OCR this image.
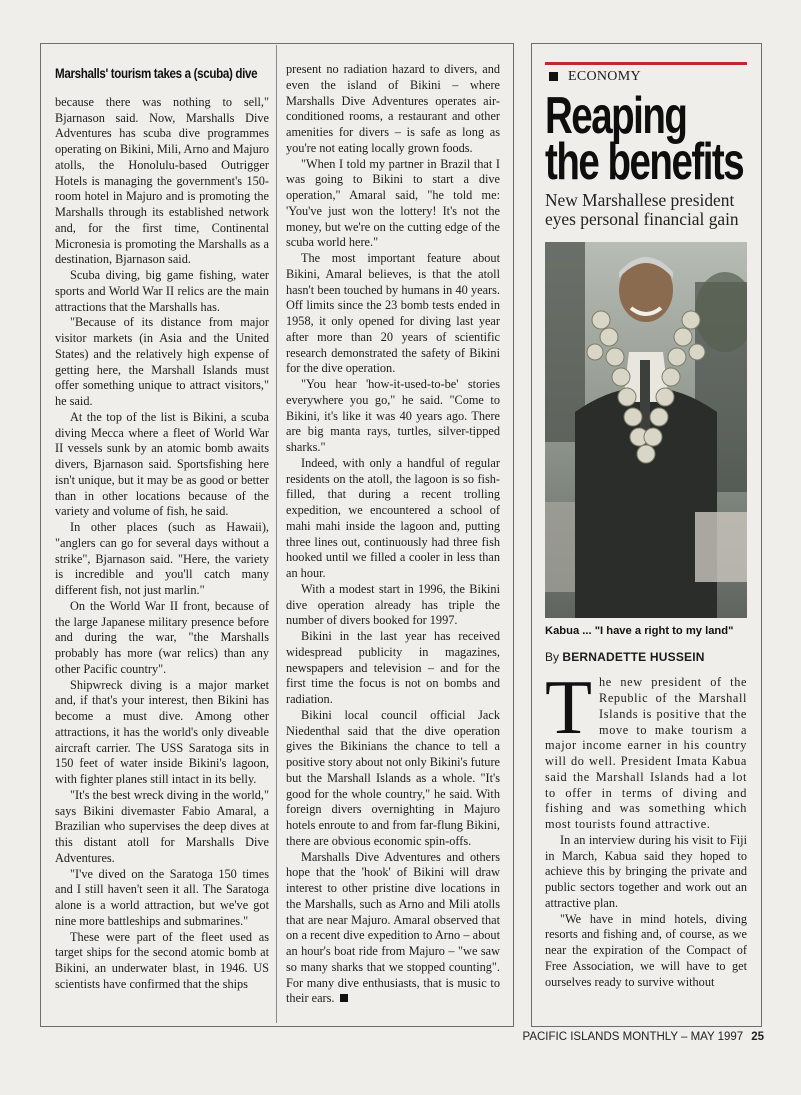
Marshalls' tourism takes a (scuba) dive

because there was nothing to sell," Bjarnason said. Now, Marshalls Dive Adventures has scuba dive programmes operating on Bikini, Mili, Arno and Majuro atolls, the Honolulu-based Outrigger Hotels is managing the government's 150-room hotel in Majuro and is promoting the Marshalls through its established network and, for the first time, Continental Micronesia is promoting the Marshalls as a destination, Bjarnason said.

Scuba diving, big game fishing, water sports and World War II relics are the main attractions that the Marshalls has.

"Because of its distance from major visitor markets (in Asia and the United States) and the relatively high expense of getting here, the Marshall Islands must offer something unique to attract visitors," he said.

At the top of the list is Bikini, a scuba diving Mecca where a fleet of World War II vessels sunk by an atomic bomb awaits divers, Bjarnason said. Sportsfishing here isn't unique, but it may be as good or better than in other locations because of the variety and volume of fish, he said.

In other places (such as Hawaii), "anglers can go for several days without a strike", Bjarnason said. "Here, the variety is incredible and you'll catch many different fish, not just marlin."

On the World War II front, because of the large Japanese military presence before and during the war, "the Marshalls probably has more (war relics) than any other Pacific country".

Shipwreck diving is a major market and, if that's your interest, then Bikini has become a must dive. Among other attractions, it has the world's only diveable aircraft carrier. The USS Saratoga sits in 150 feet of water inside Bikini's lagoon, with fighter planes still intact in its belly.

"It's the best wreck diving in the world," says Bikini divemaster Fabio Amaral, a Brazilian who supervises the deep dives at this distant atoll for Marshalls Dive Adventures.

"I've dived on the Saratoga 150 times and I still haven't seen it all. The Saratoga alone is a world attraction, but we've got nine more battleships and submarines."

These were part of the fleet used as target ships for the second atomic bomb at Bikini, an underwater blast, in 1946. US scientists have confirmed that the ships

present no radiation hazard to divers, and even the island of Bikini – where Marshalls Dive Adventures operates air-conditioned rooms, a restaurant and other amenities for divers – is safe as long as you're not eating locally grown foods.

"When I told my partner in Brazil that I was going to Bikini to start a dive operation," Amaral said, "he told me: 'You've just won the lottery! It's not the money, but we're on the cutting edge of the scuba world here."

The most important feature about Bikini, Amaral believes, is that the atoll hasn't been touched by humans in 40 years. Off limits since the 23 bomb tests ended in 1958, it only opened for diving last year after more than 20 years of scientific research demonstrated the safety of Bikini for the dive operation.

"You hear 'how-it-used-to-be' stories everywhere you go," he said. "Come to Bikini, it's like it was 40 years ago. There are big manta rays, turtles, silver-tipped sharks."

Indeed, with only a handful of regular residents on the atoll, the lagoon is so fish-filled, that during a recent trolling expedition, we encountered a school of mahi mahi inside the lagoon and, putting three lines out, continuously had three fish hooked until we filled a cooler in less than an hour.

With a modest start in 1996, the Bikini dive operation already has triple the number of divers booked for 1997.

Bikini in the last year has received widespread publicity in magazines, newspapers and television – and for the first time the focus is not on bombs and radiation.

Bikini local council official Jack Niedenthal said that the dive operation gives the Bikinians the chance to tell a positive story about not only Bikini's future but the Marshall Islands as a whole. "It's good for the whole country," he said. With foreign divers overnighting in Majuro hotels enroute to and from far-flung Bikini, there are obvious economic spin-offs.

Marshalls Dive Adventures and others hope that the 'hook' of Bikini will draw interest to other pristine dive locations in the Marshalls, such as Arno and Mili atolls that are near Majuro. Amaral observed that on a recent dive expedition to Arno – about an hour's boat ride from Majuro – "we saw so many sharks that we stopped counting". For many dive enthusiasts, that is music to their ears.

ECONOMY
Reaping the benefits
New Marshallese president eyes personal financial gain
Kabua ... "I have a right to my land"
By BERNADETTE HUSSEIN
T he new president of the Republic of the Marshall Islands is positive that the move to make tourism a major income earner in his country will do well. President Imata Kabua said the Marshall Islands had a lot to offer in terms of diving and fishing and was something which most tourists found attractive.

In an interview during his visit to Fiji in March, Kabua said they hoped to achieve this by bringing the private and public sectors together and work out an attractive plan.

"We have in mind hotels, diving resorts and fishing and, of course, as we near the expiration of the Compact of Free Association, we will have to get ourselves ready to survive without

PACIFIC ISLANDS MONTHLY – MAY 1997 25
